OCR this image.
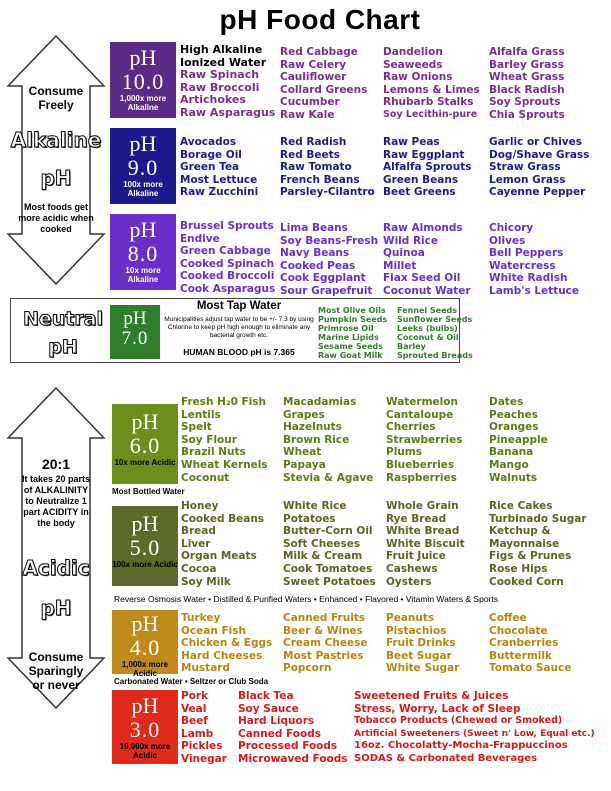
pH Food Chart
Consume Freely
Alkaline
pH
Most foods get more acidic when cooked
pH
10.0
1,000x more Alkaline
High Alkaline
Ionized Water
Raw Spinach
Raw Broccoli
Artichokes
Raw Asparagus
Red Cabbage
Raw Celery
Cauliflower
Collard Greens
Cucumber
Raw Kale
Dandelion
Seaweeds
Raw Onions
Lemons & Limes
Rhubarb Stalks
Soy Lecithin-pure
Alfalfa Grass
Barley Grass
Wheat Grass
Black Radish
Soy Sprouts
Chia Sprouts
pH
9.0
100x more Alkaline
Avocados
Borage Oil
Green Tea
Most Lettuce
Raw Zucchini
Red Radish
Red Beets
Raw Tomato
French Beans
Parsley-Cilantro
Raw Peas
Raw Eggplant
Alfalfa Sprouts
Green Beans
Beet Greens
Garlic or Chives
Dog/Shave Grass
Straw Grass
Lemon Grass
Cayenne Pepper
pH
8.0
10x more Alkaline
Brussel Sprouts
Endive
Green Cabbage
Cooked Spinach
Cooked Broccoli
Cook Asparagus
Lima Beans
Soy Beans-Fresh
Navy Beans
Cooked Peas
Cook Eggplant
Sour Grapefruit
Raw Almonds
Wild Rice
Quinoa
Millet
Flax Seed Oil
Coconut Water
Chicory
Olives
Bell Peppers
Watercress
White Radish
Lamb's Lettuce
Neutral
pH
pH
7.0
Most Tap Water
Municipalities adjust tap water to be +/- 7.3 by using Chlorine to keep pH high enough to eliminate any bacterial growth etc.
HUMAN BLOOD pH is 7.365
Most Olive Oils
Pumpkin Seeds
Primrose Oil
Marine Lipids
Sesame Seeds
Raw Goat Milk
Fennel Seeds
Sunflower Seeds
Leeks (bulbs)
Coconut & Oil
Barley
Sprouted Breads
20:1
It takes 20 parts of ALKALINITY to Neutralize 1 part ACIDITY in the body
Acidic
pH
Consume Sparingly or never
pH
6.0
10x more Acidic
Fresh H₂0 Fish
Lentils
Spelt
Soy Flour
Brazil Nuts
Wheat Kernels
Coconut
Macadamias
Grapes
Hazelnuts
Brown Rice
Wheat
Papaya
Stevia & Agave
Watermelon
Cantaloupe
Cherries
Strawberries
Plums
Blueberries
Raspberries
Dates
Peaches
Oranges
Pineapple
Banana
Mango
Walnuts
Most Bottled Water
pH
5.0
100x more Acidic
Honey
Cooked Beans
Bread
Liver
Organ Meats
Cocoa
Soy Milk
White Rice
Potatoes
Butter-Corn Oil
Soft Cheeses
Milk & Cream
Cook Tomatoes
Sweet Potatoes
Whole Grain
Rye Bread
White Bread
White Biscuit
Fruit Juice
Cashews
Oysters
Rice Cakes
Turbinado Sugar
Ketchup &
Mayonnaise
Figs & Prunes
Rose Hips
Cooked Corn
Reverse Osmosis Water • Distilled & Purified Waters • Enhanced • Flavored • Vitamin Waters & Sports
pH
4.0
1,000x more Acidic
Turkey
Ocean Fish
Chicken & Eggs
Hard Cheeses
Mustard
Canned Fruits
Beer & Wines
Cream Cheese
Most Pastries
Popcorn
Peanuts
Pistachios
Fruit Drinks
Beet Sugar
White Sugar
Coffee
Chocolate
Cranberries
Buttermilk
Tomato Sauce
Carbonated Water • Seltzer or Club Soda
pH
3.0
10,000x more Acidic
Pork
Veal
Beef
Lamb
Pickles
Vinegar
Black Tea
Soy Sauce
Hard Liquors
Canned Foods
Processed Foods
Microwaved Foods
Sweetened Fruits & Juices
Stress, Worry, Lack of Sleep
Tobacco Products (Chewed or Smoked)
Artificial Sweeteners (Sweet n' Low, Equal etc.)
16oz. Chocolatty-Mocha-Frappuccinos
SODAS & Carbonated Beverages
